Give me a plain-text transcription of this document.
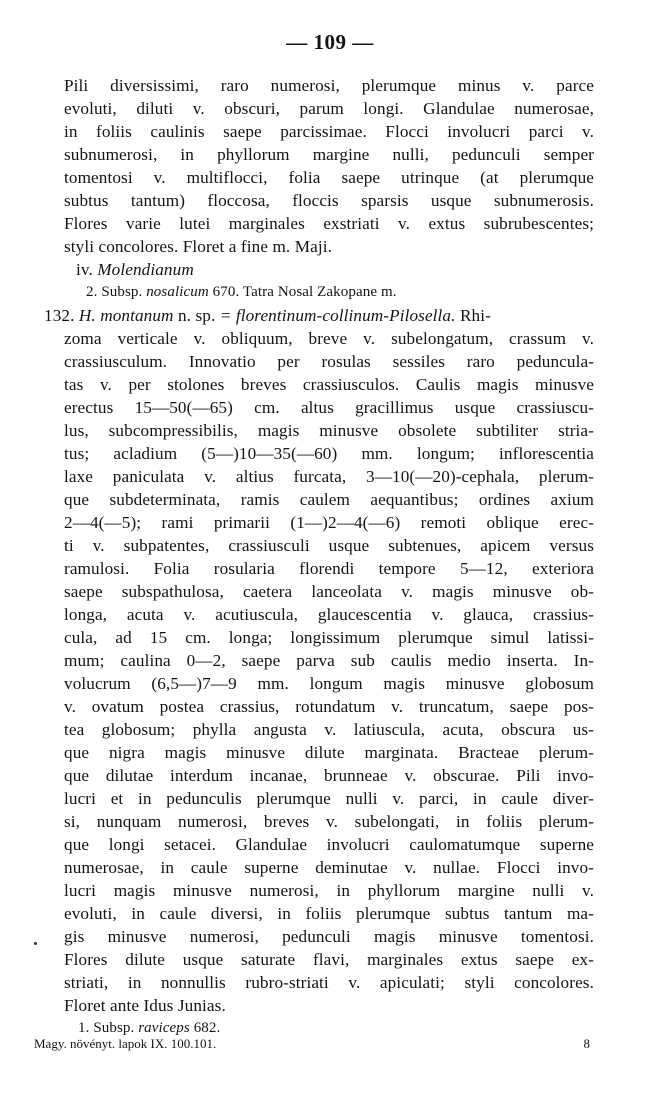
— 109 —
Pili diversissimi, raro numerosi, plerumque minus v. parce
evoluti, diluti v. obscuri, parum longi. Glandulae numerosae,
in foliis caulinis saepe parcissimae. Flocci involucri parci v.
subnumerosi, in phyllorum margine nulli, pedunculi semper
tomentosi v. multiflocci, folia saepe utrinque (at plerumque
subtus tantum) floccosa, floccis sparsis usque subnumerosis.
Flores varie lutei marginales exstriati v. extus subrubescentes;
styli concolores. Floret a fine m. Maji.
iv. Molendianum
2. Subsp. nosalicum 670. Tatra Nosal Zakopane m.
132. H. montanum n. sp. = florentinum-collinum-Pilosella. Rhi-
zoma verticale v. obliquum, breve v. subelongatum, crassum v.
crassiusculum. Innovatio per rosulas sessiles raro peduncula-
tas v. per stolones breves crassiusculos. Caulis magis minusve
erectus 15—50(—65) cm. altus gracillimus usque crassiuscu-
lus, subcompressibilis, magis minusve obsolete subtiliter stria-
tus; acladium (5—)10—35(—60) mm. longum; inflorescentia
laxe paniculata v. altius furcata, 3—10(—20)-cephala, plerum-
que subdeterminata, ramis caulem aequantibus; ordines axium
2—4(—5); rami primarii (1—)2—4(—6) remoti oblique erec-
ti v. subpatentes, crassiusculi usque subtenues, apicem versus
ramulosi. Folia rosularia florendi tempore 5—12, exteriora
saepe subspathulosa, caetera lanceolata v. magis minusve ob-
longa, acuta v. acutiuscula, glaucescentia v. glauca, crassius-
cula, ad 15 cm. longa; longissimum plerumque simul latissi-
mum; caulina 0—2, saepe parva sub caulis medio inserta. In-
volucrum (6,5—)7—9 mm. longum magis minusve globosum
v. ovatum postea crassius, rotundatum v. truncatum, saepe pos-
tea globosum; phylla angusta v. latiuscula, acuta, obscura us-
que nigra magis minusve dilute marginata. Bracteae plerum-
que dilutae interdum incanae, brunneae v. obscurae. Pili invo-
lucri et in pedunculis plerumque nulli v. parci, in caule diver-
si, nunquam numerosi, breves v. subelongati, in foliis plerum-
que longi setacei. Glandulae involucri caulomatumque superne
numerosae, in caule superne deminutae v. nullae. Flocci invo-
lucri magis minusve numerosi, in phyllorum margine nulli v.
evoluti, in caule diversi, in foliis plerumque subtus tantum ma-
gis minusve numerosi, pedunculi magis minusve tomentosi.
Flores dilute usque saturate flavi, marginales extus saepe ex-
striati, in nonnullis rubro-striati v. apiculati; styli concolores.
Floret ante Idus Junias.
1. Subsp. raviceps 682.
Magy. növényt. lapok IX. 100.101.	8
